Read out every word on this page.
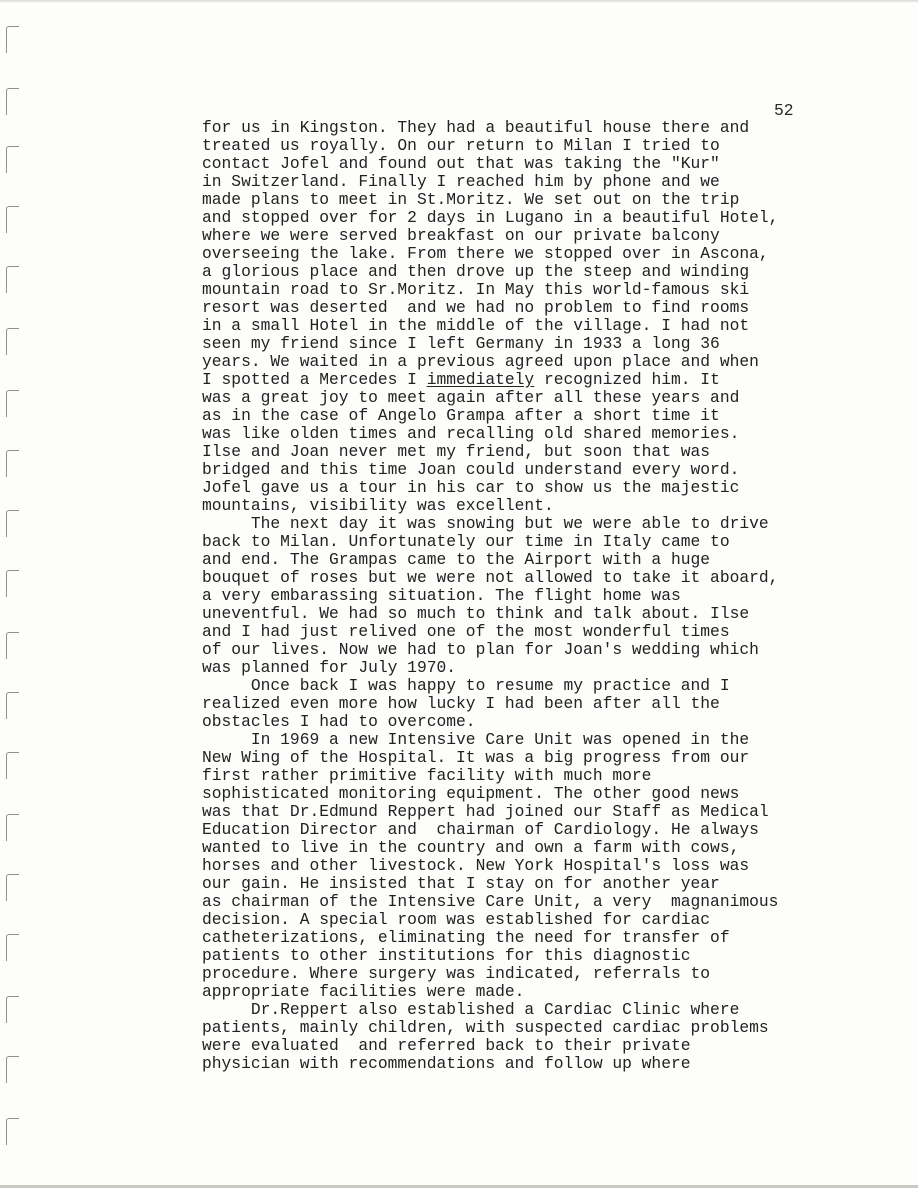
52
for us in Kingston. They had a beautiful house there and
treated us royally. On our return to Milan I tried to
contact Jofel and found out that was taking the "Kur"
in Switzerland. Finally I reached him by phone and we
made plans to meet in St.Moritz. We set out on the trip
and stopped over for 2 days in Lugano in a beautiful Hotel,
where we were served breakfast on our private balcony
overseeing the lake. From there we stopped over in Ascona,
a glorious place and then drove up the steep and winding
mountain road to Sr.Moritz. In May this world-famous ski
resort was deserted  and we had no problem to find rooms
in a small Hotel in the middle of the village. I had not
seen my friend since I left Germany in 1933 a long 36
years. We waited in a previous agreed upon place and when
I spotted a Mercedes I immediately recognized him. It
was a great joy to meet again after all these years and
as in the case of Angelo Grampa after a short time it
was like olden times and recalling old shared memories.
Ilse and Joan never met my friend, but soon that was
bridged and this time Joan could understand every word.
Jofel gave us a tour in his car to show us the majestic
mountains, visibility was excellent.
The next day it was snowing but we were able to drive
back to Milan. Unfortunately our time in Italy came to
and end. The Grampas came to the Airport with a huge
bouquet of roses but we were not allowed to take it aboard,
a very embarassing situation. The flight home was
uneventful. We had so much to think and talk about. Ilse
and I had just relived one of the most wonderful times
of our lives. Now we had to plan for Joan's wedding which
was planned for July 1970.
Once back I was happy to resume my practice and I
realized even more how lucky I had been after all the
obstacles I had to overcome.
In 1969 a new Intensive Care Unit was opened in the
New Wing of the Hospital. It was a big progress from our
first rather primitive facility with much more
sophisticated monitoring equipment. The other good news
was that Dr.Edmund Reppert had joined our Staff as Medical
Education Director and  chairman of Cardiology. He always
wanted to live in the country and own a farm with cows,
horses and other livestock. New York Hospital's loss was
our gain. He insisted that I stay on for another year
as chairman of the Intensive Care Unit, a very  magnanimous
decision. A special room was established for cardiac
catheterizations, eliminating the need for transfer of
patients to other institutions for this diagnostic
procedure. Where surgery was indicated, referrals to
appropriate facilities were made.
Dr.Reppert also established a Cardiac Clinic where
patients, mainly children, with suspected cardiac problems
were evaluated  and referred back to their private
physician with recommendations and follow up where
